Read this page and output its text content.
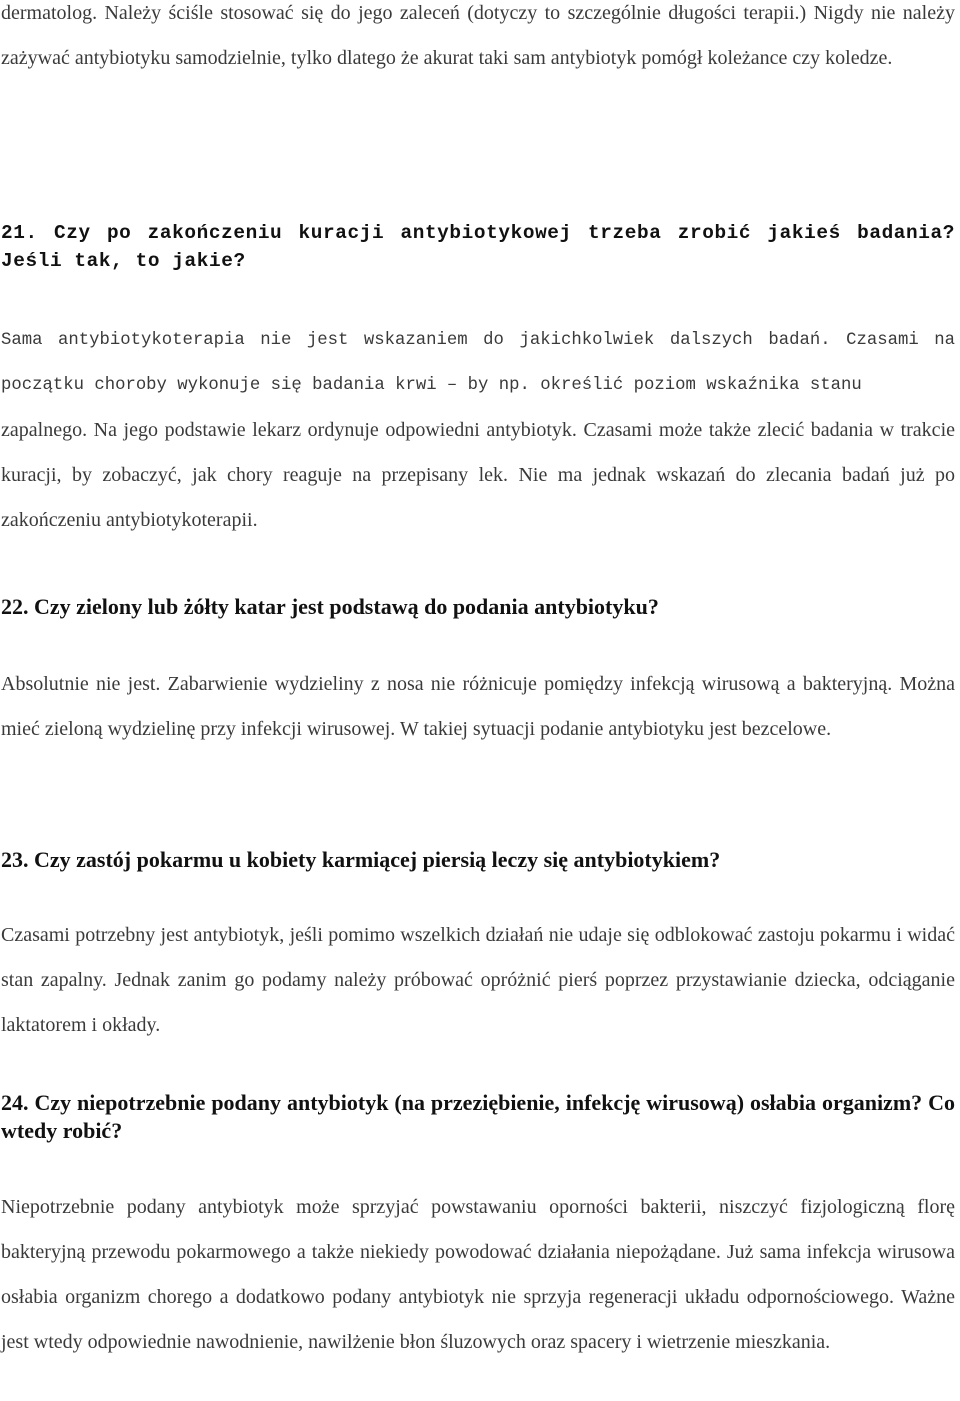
dermatolog. Należy ściśle stosować się do jego zaleceń (dotyczy to szczególnie długości terapii.) Nigdy nie należy zażywać antybiotyku samodzielnie, tylko dlatego że akurat taki sam antybiotyk pomógł koleżance czy koledze.

21. Czy po zakończeniu kuracji antybiotykowej trzeba zrobić jakieś badania? Jeśli tak, to jakie?

Sama antybiotykoterapia nie jest wskazaniem do jakichkolwiek dalszych badań. Czasami na początku choroby wykonuje się badania krwi – by np. określić poziom wskaźnika stanu

zapalnego. Na jego podstawie lekarz ordynuje odpowiedni antybiotyk. Czasami może także zlecić badania w trakcie kuracji, by zobaczyć, jak chory reaguje na przepisany lek. Nie ma jednak wskazań do zlecania badań już po zakończeniu antybiotykoterapii.

22. Czy zielony lub żółty katar jest podstawą do podania antybiotyku?

Absolutnie nie jest. Zabarwienie wydzieliny z nosa nie różnicuje pomiędzy infekcją wirusową a bakteryjną. Można mieć zieloną wydzielinę przy infekcji wirusowej. W takiej sytuacji podanie antybiotyku jest bezcelowe.

23. Czy zastój pokarmu u kobiety karmiącej piersią leczy się antybiotykiem?

Czasami potrzebny jest antybiotyk, jeśli pomimo wszelkich działań nie udaje się odblokować zastoju pokarmu i widać stan zapalny. Jednak zanim go podamy należy próbować opróżnić pierś poprzez przystawianie dziecka, odciąganie laktatorem i okłady.

24. Czy niepotrzebnie podany antybiotyk (na przeziębienie, infekcję wirusową) osłabia organizm? Co wtedy robić?

Niepotrzebnie podany antybiotyk może sprzyjać powstawaniu oporności bakterii, niszczyć fizjologiczną florę bakteryjną przewodu pokarmowego a także niekiedy powodować działania niepożądane. Już sama infekcja wirusowa osłabia organizm chorego a dodatkowo podany antybiotyk nie sprzyja regeneracji układu odpornościowego. Ważne jest wtedy odpowiednie nawodnienie, nawilżenie błon śluzowych oraz spacery i wietrzenie mieszkania.
